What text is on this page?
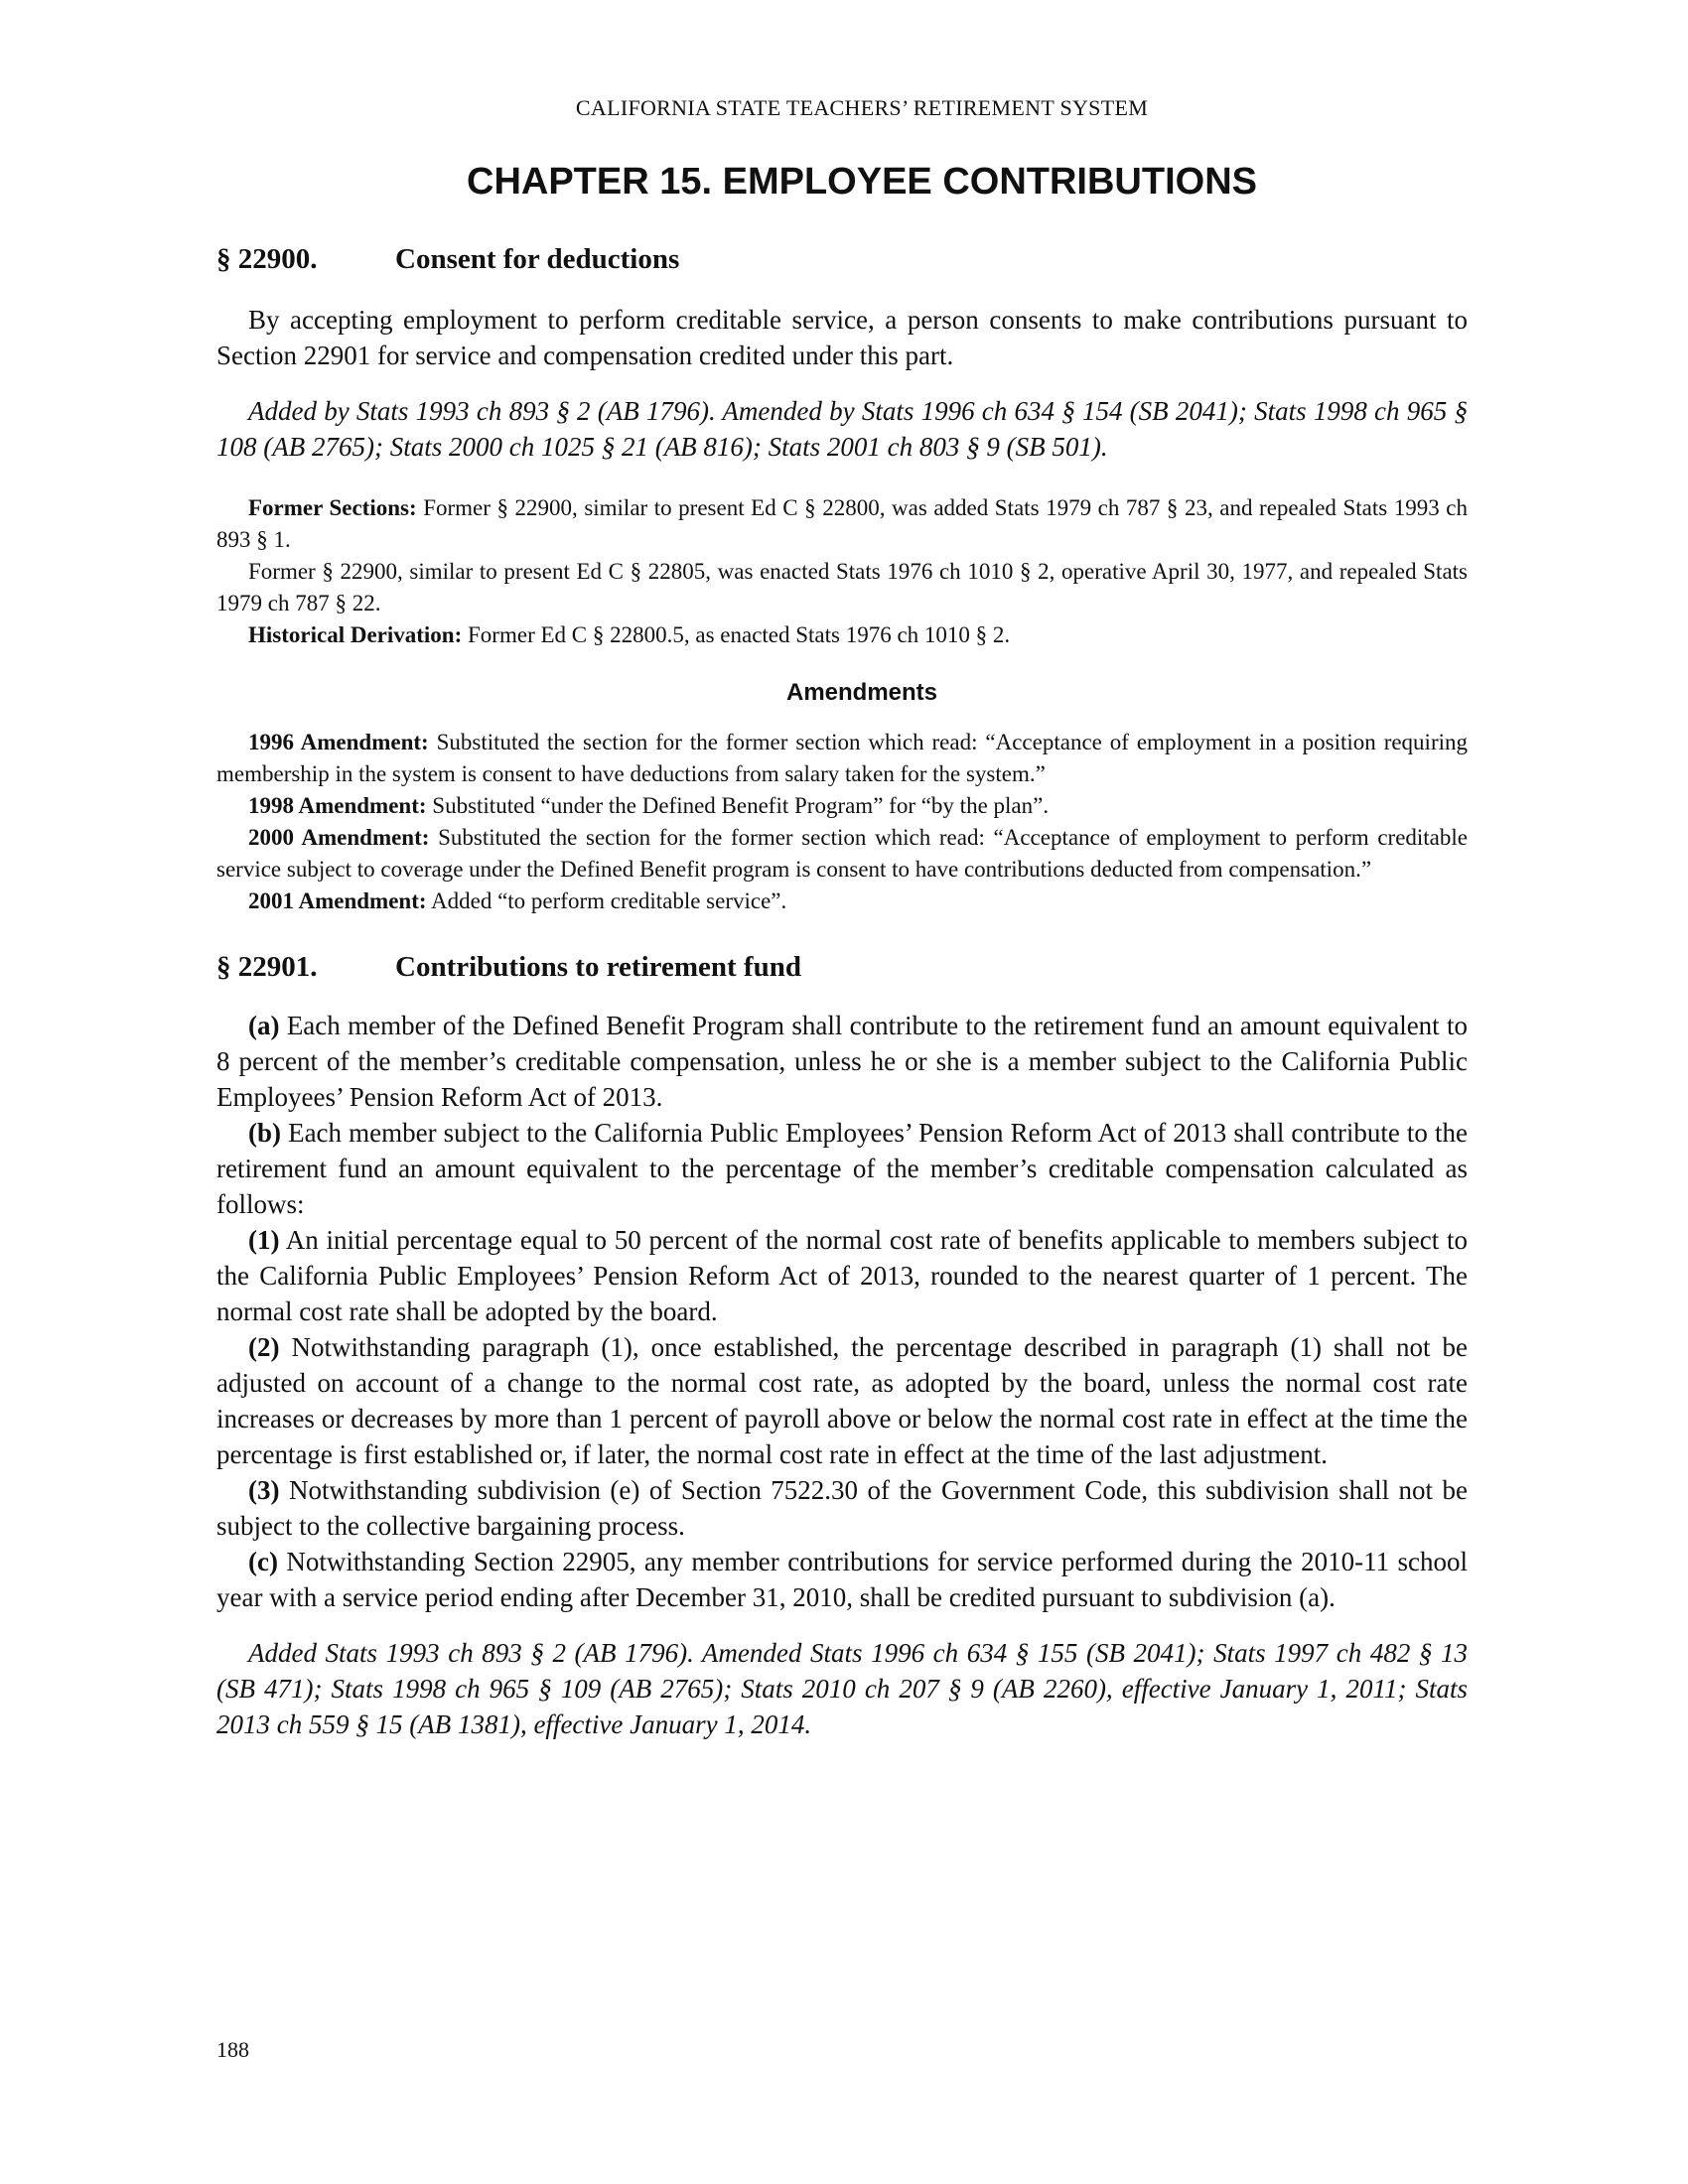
CALIFORNIA STATE TEACHERS’ RETIREMENT SYSTEM
CHAPTER 15. EMPLOYEE CONTRIBUTIONS
§ 22900.	Consent for deductions

By accepting employment to perform creditable service, a person consents to make contributions pursuant to Section 22901 for service and compensation credited under this part.

Added by Stats 1993 ch 893 § 2 (AB 1796). Amended by Stats 1996 ch 634 § 154 (SB 2041); Stats 1998 ch 965 § 108 (AB 2765); Stats 2000 ch 1025 § 21 (AB 816); Stats 2001 ch 803 § 9 (SB 501).

Former Sections: Former § 22900, similar to present Ed C § 22800, was added Stats 1979 ch 787 § 23, and repealed Stats 1993 ch 893 § 1.

Former § 22900, similar to present Ed C § 22805, was enacted Stats 1976 ch 1010 § 2, operative April 30, 1977, and repealed Stats 1979 ch 787 § 22.

Historical Derivation: Former Ed C § 22800.5, as enacted Stats 1976 ch 1010 § 2.

Amendments

1996 Amendment: Substituted the section for the former section which read: “Acceptance of employment in a position requiring membership in the system is consent to have deductions from salary taken for the system.”

1998 Amendment: Substituted “under the Defined Benefit Program” for “by the plan”.

2000 Amendment: Substituted the section for the former section which read: “Acceptance of employment to perform creditable service subject to coverage under the Defined Benefit program is consent to have contributions deducted from compensation.”

2001 Amendment: Added “to perform creditable service”.

§ 22901.	Contributions to retirement fund

(a) Each member of the Defined Benefit Program shall contribute to the retirement fund an amount equivalent to 8 percent of the member’s creditable compensation, unless he or she is a member subject to the California Public Employees’ Pension Reform Act of 2013.

(b) Each member subject to the California Public Employees’ Pension Reform Act of 2013 shall contribute to the retirement fund an amount equivalent to the percentage of the member’s creditable compensation calculated as follows:

(1) An initial percentage equal to 50 percent of the normal cost rate of benefits applicable to members subject to the California Public Employees’ Pension Reform Act of 2013, rounded to the nearest quarter of 1 percent. The normal cost rate shall be adopted by the board.

(2) Notwithstanding paragraph (1), once established, the percentage described in paragraph (1) shall not be adjusted on account of a change to the normal cost rate, as adopted by the board, unless the normal cost rate increases or decreases by more than 1 percent of payroll above or below the normal cost rate in effect at the time the percentage is first established or, if later, the normal cost rate in effect at the time of the last adjustment.

(3) Notwithstanding subdivision (e) of Section 7522.30 of the Government Code, this subdivision shall not be subject to the collective bargaining process.

(c) Notwithstanding Section 22905, any member contributions for service performed during the 2010-11 school year with a service period ending after December 31, 2010, shall be credited pursuant to subdivision (a).

Added Stats 1993 ch 893 § 2 (AB 1796). Amended Stats 1996 ch 634 § 155 (SB 2041); Stats 1997 ch 482 § 13 (SB 471); Stats 1998 ch 965 § 109 (AB 2765); Stats 2010 ch 207 § 9 (AB 2260), effective January 1, 2011; Stats 2013 ch 559 § 15 (AB 1381), effective January 1, 2014.

188
